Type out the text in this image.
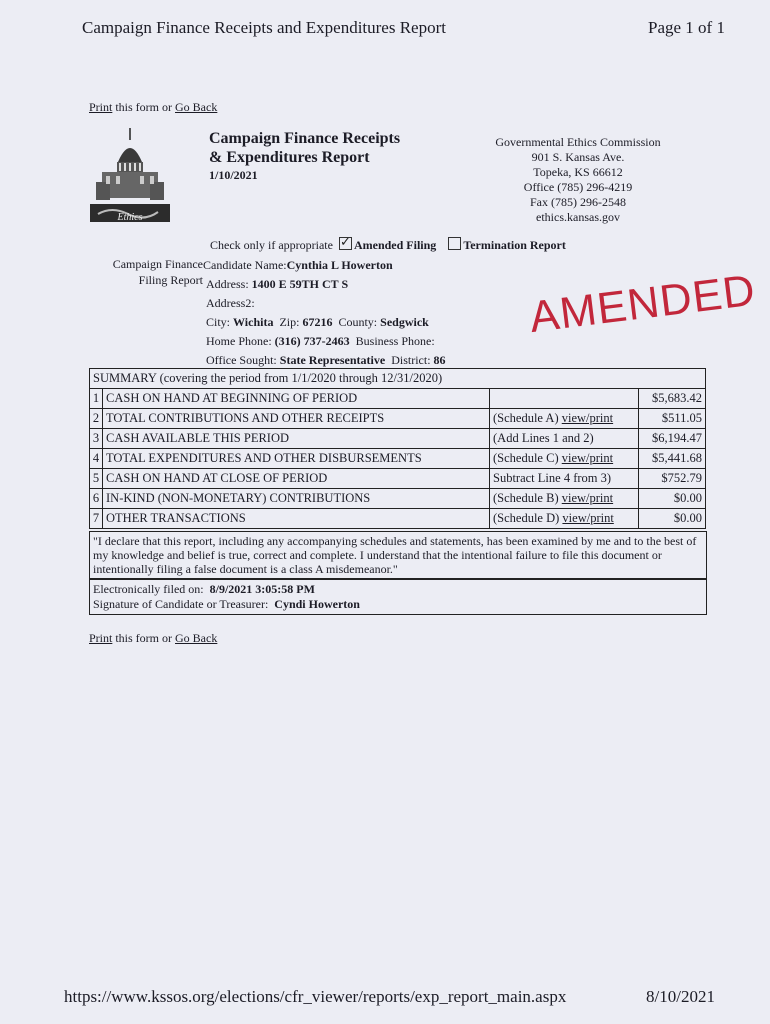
Campaign Finance Receipts and Expenditures Report	Page 1 of 1
Print this form or Go Back
Ethics
Campaign Finance Receipts
& Expenditures Report
1/10/2021
Governmental Ethics Commission
901 S. Kansas Ave.
Topeka, KS 66612
Office (785) 296-4219
Fax (785) 296-2548
ethics.kansas.gov
Check only if appropriate ✓ Amended Filing Termination Report
Campaign Finance
Filing Report
Candidate Name:Cynthia L Howerton
Address: 1400 E 59TH CT S
Address2:
City: Wichita Zip: 67216 County: Sedgwick
Home Phone: (316) 737-2463 Business Phone:
Office Sought: State Representative District: 86
AMENDED
SUMMARY (covering the period from 1/1/2020 through 12/31/2020)			
1	CASH ON HAND AT BEGINNING OF PERIOD		$5,683.42
2	TOTAL CONTRIBUTIONS AND OTHER RECEIPTS	(Schedule A) view/print	$511.05
3	CASH AVAILABLE THIS PERIOD	(Add Lines 1 and 2)	$6,194.47
4	TOTAL EXPENDITURES AND OTHER DISBURSEMENTS	(Schedule C) view/print	$5,441.68
5	CASH ON HAND AT CLOSE OF PERIOD	Subtract Line 4 from 3)	$752.79
6	IN-KIND (NON-MONETARY) CONTRIBUTIONS	(Schedule B) view/print	$0.00
7	OTHER TRANSACTIONS	(Schedule D) view/print	$0.00
"I declare that this report, including any accompanying schedules and statements, has been examined by me and to the best of my knowledge and belief is true, correct and complete. I understand that the intentional failure to file this document or intentionally filing a false document is a class A misdemeanor."
Electronically filed on: 8/9/2021 3:05:58 PM
Signature of Candidate or Treasurer: Cyndi Howerton
Print this form or Go Back
https://www.kssos.org/elections/cfr_viewer/reports/exp_report_main.aspx	8/10/2021
